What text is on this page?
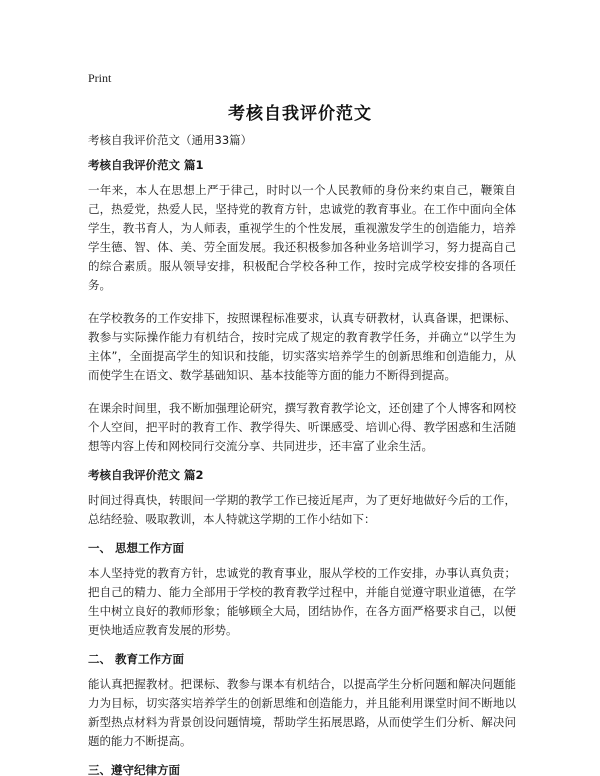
Print
考核自我评价范文
考核自我评价范文（通用33篇）
考核自我评价范文 篇1
一年来，本人在思想上严于律己，时时以一个人民教师的身份来约束自己，鞭策自己，热爱党，热爱人民，坚持党的教育方针，忠诚党的教育事业。在工作中面向全体学生，教书育人，为人师表，重视学生的个性发展，重视激发学生的创造能力，培养学生德、智、体、美、劳全面发展。我还积极参加各种业务培训学习，努力提高自己的综合素质。服从领导安排，积极配合学校各种工作，按时完成学校安排的各项任务。
在学校教务的工作安排下，按照课程标准要求，认真专研教材，认真备课，把课标、教参与实际操作能力有机结合，按时完成了规定的教育教学任务，并确立“以学生为主体”，全面提高学生的知识和技能，切实落实培养学生的创新思维和创造能力，从而使学生在语文、数学基础知识、基本技能等方面的能力不断得到提高。
在课余时间里，我不断加强理论研究，撰写教育教学论文，还创建了个人博客和网校个人空间，把平时的教育工作、教学得失、听课感受、培训心得、教学困惑和生活随想等内容上传和网校同行交流分享、共同进步，还丰富了业余生活。
考核自我评价范文 篇2
时间过得真快，转眼间一学期的教学工作已接近尾声，为了更好地做好今后的工作，总结经验、吸取教训，本人特就这学期的工作小结如下：
一、 思想工作方面
本人坚持党的教育方针，忠诚党的教育事业，服从学校的工作安排，办事认真负责；把自己的精力、能力全部用于学校的教育教学过程中，并能自觉遵守职业道德，在学生中树立良好的教师形象；能够顾全大局，团结协作，在各方面严格要求自己，以便更快地适应教育发展的形势。
二、 教育工作方面
能认真把握教材。把课标、教参与课本有机结合，以提高学生分析问题和解决问题能力为目标，切实落实培养学生的创新思维和创造能力，并且能利用课堂时间不断地以新型热点材料为背景创设问题情境，帮助学生拓展思路，从而使学生们分析、解决问题的能力不断提高。
三、遵守纪律方面
